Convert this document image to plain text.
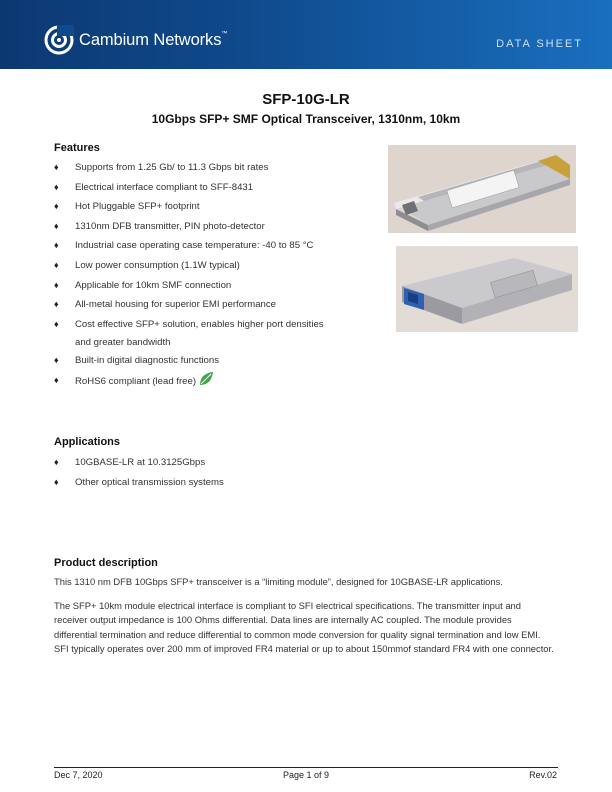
Cambium Networks™
DATA SHEET
SFP-10G-LR
10Gbps SFP+ SMF Optical Transceiver, 1310nm, 10km
Features
♦ Supports from 1.25 Gb/ to 11.3 Gbps bit rates
♦ Electrical interface compliant to SFF-8431
♦ Hot Pluggable SFP+ footprint
♦ 1310nm DFB transmitter, PIN photo-detector
♦ Industrial case operating case temperature: -40 to 85 °C
♦ Low power consumption (1.1W typical)
♦ Applicable for 10km SMF connection
♦ All-metal housing for superior EMI performance
♦ Cost effective SFP+ solution, enables higher port densities
and greater bandwidth
♦ Built-in digital diagnostic functions
♦ RoHS6 compliant (lead free)
Applications
♦ 10GBASE-LR at 10.3125Gbps
♦ Other optical transmission systems
Product description
This 1310 nm DFB 10Gbps SFP+ transceiver is a “limiting module”, designed for 10GBASE-LR applications.
The SFP+ 10km module electrical interface is compliant to SFI electrical specifications. The transmitter input and receiver output impedance is 100 Ohms differential. Data lines are internally AC coupled. The module provides differential termination and reduce differential to common mode conversion for quality signal termination and low EMI. SFI typically operates over 200 mm of improved FR4 material or up to about 150mmof standard FR4 with one connector.
Dec 7, 2020	Page 1 of 9	Rev.02
